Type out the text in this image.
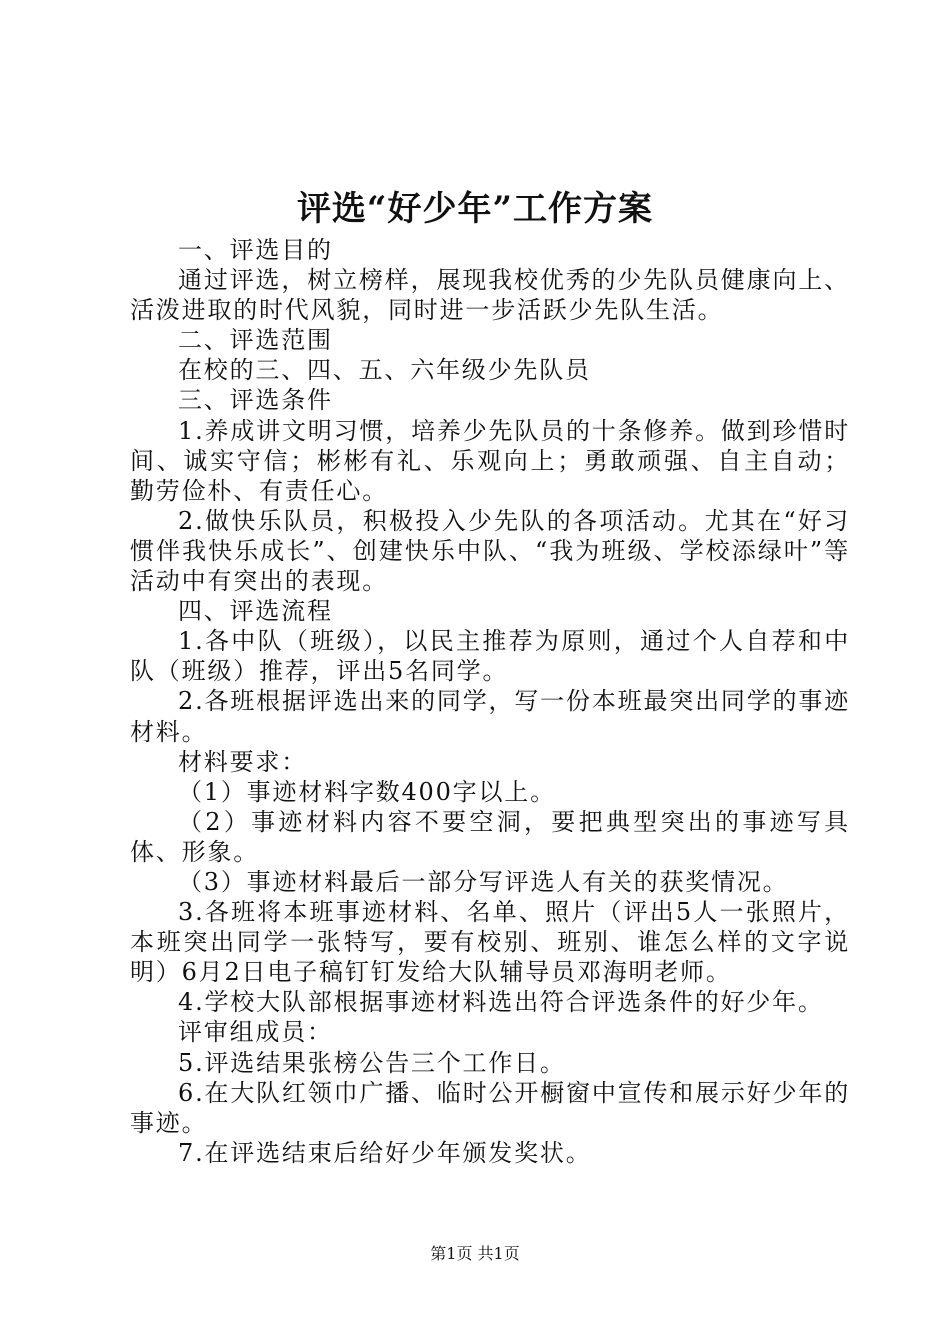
评选“好少年”工作方案

一、评选目的

通过评选，树立榜样，展现我校优秀的少先队员健康向上、活泼进取的时代风貌，同时进一步活跃少先队生活。

二、评选范围

在校的三、四、五、六年级少先队员

三、评选条件

1.养成讲文明习惯，培养少先队员的十条修养。做到珍惜时间、诚实守信；彬彬有礼、乐观向上；勇敢顽强、自主自动；勤劳俭朴、有责任心。

2.做快乐队员，积极投入少先队的各项活动。尤其在“好习惯伴我快乐成长”、创建快乐中队、“我为班级、学校添绿叶”等活动中有突出的表现。

四、评选流程

1.各中队（班级），以民主推荐为原则，通过个人自荐和中队（班级）推荐，评出5名同学。

2.各班根据评选出来的同学，写一份本班最突出同学的事迹材料。

材料要求：

（1）事迹材料字数400字以上。

（2）事迹材料内容不要空洞，要把典型突出的事迹写具体、形象。

（3）事迹材料最后一部分写评选人有关的获奖情况。

3.各班将本班事迹材料、名单、照片（评出5人一张照片，本班突出同学一张特写，要有校别、班别、谁怎么样的文字说明）6月2日电子稿钉钉发给大队辅导员邓海明老师。

4.学校大队部根据事迹材料选出符合评选条件的好少年。

评审组成员：

5.评选结果张榜公告三个工作日。

6.在大队红领巾广播、临时公开橱窗中宣传和展示好少年的事迹。

7.在评选结束后给好少年颁发奖状。

第1页 共1页
